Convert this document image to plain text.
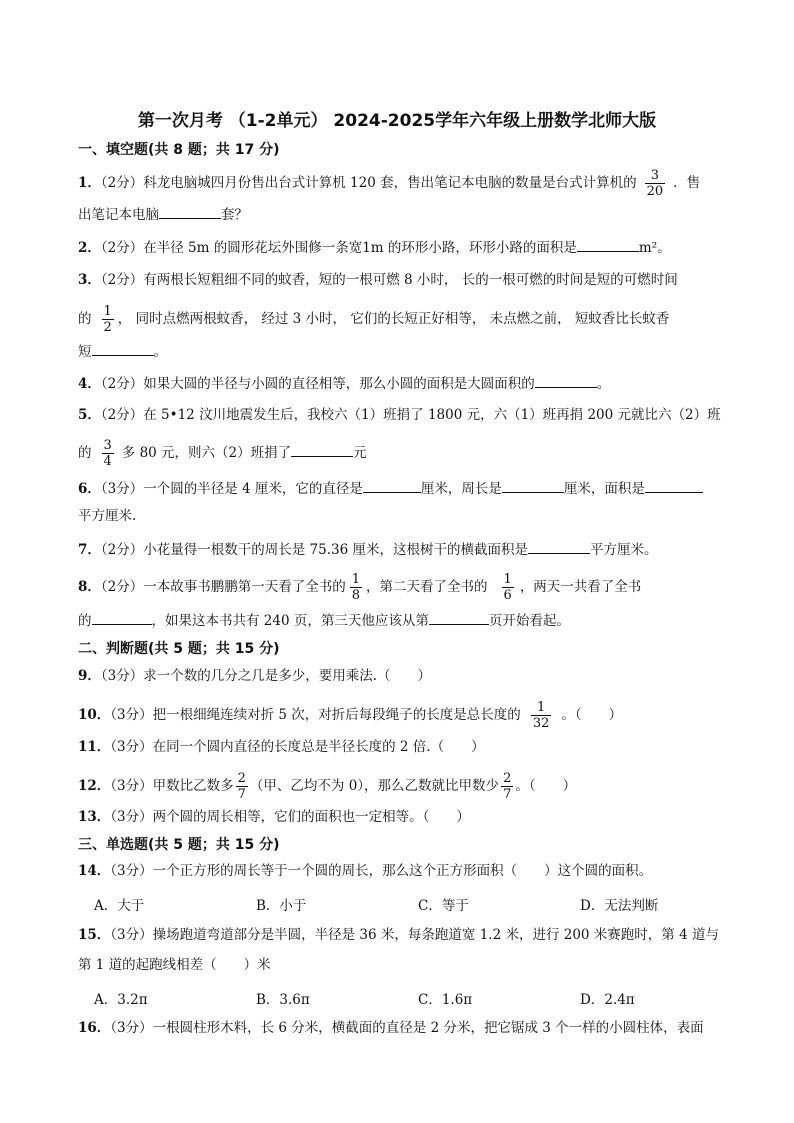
第一次月考 （1-2单元） 2024-2025学年六年级上册数学北师大版
一、填空题(共 8 题；共 17 分)
1．（2分）科龙电脑城四月份售出台式计算机 120 套，售出笔记本电脑的数量是台式计算机的 $\frac{3}{20}$ ．售
出笔记本电脑	套？
2．（2分）在半径 5m 的圆形花坛外围修一条宽1m 的环形小路，环形小路的面积是	m²。
3．（2分）有两根长短粗细不同的蚊香，短的一根可燃 8 小时， 长的一根可燃的时间是短的可燃时间
的 $\frac{1}{2}$ ， 同时点燃两根蚊香， 经过 3 小时， 它们的长短正好相等， 未点燃之前， 短蚊香比长蚊香
短	。
4．（2分）如果大圆的半径与小圆的直径相等，那么小圆的面积是大圆面积的	。
5．（2分）在 5•12 汶川地震发生后，我校六（1）班捐了 1800 元，六（1）班再捐 200 元就比六（2）班
的 $\frac{3}{4}$ 多 80 元，则六（2）班捐了	元
6．（3分）一个圆的半径是 4 厘米，它的直径是	厘米，周长是	厘米，面积是
平方厘米.
7．（2分）小花量得一根数干的周长是 75.36 厘米，这根树干的横截面积是	平方厘米。
8．（2分）一本故事书鹏鹏第一天看了全书的 $\frac{1}{8}$ ，第二天看了全书的 $\frac{1}{6}$ ，两天一共看了全书
的	，如果这本书共有 240 页，第三天他应该从第	页开始看起。
二、判断题(共 5 题；共 15 分)
9．（3分）求一个数的几分之几是多少，要用乘法.（　　）
10．（3分）把一根细绳连续对折 5 次，对折后每段绳子的长度是总长度的 $\frac{1}{32}$ 。（　　）
11．（3分）在同一个圆内直径的长度总是半径长度的 2 倍.（　　）
12．（3分）甲数比乙数多 $\frac{2}{7}$ （甲、乙均不为 0），那么乙数就比甲数少 $\frac{2}{7}$ 。（　　）
13．（3分）两个圆的周长相等，它们的面积也一定相等。（　　）
三、单选题(共 5 题；共 15 分)
14．（3分）一个正方形的周长等于一个圆的周长，那么这个正方形面积（　　）这个圆的面积。
A．大于	B．小于	C．等于	D．无法判断
15．（3分）操场跑道弯道部分是半圆，半径是 36 米，每条跑道宽 1.2 米，进行 200 米赛跑时，第 4 道与
第 1 道的起跑线相差（　　）米
A．3.2π	B．3.6π	C．1.6π	D．2.4π
16．（3分）一根圆柱形木料，长 6 分米，横截面的直径是 2 分米，把它锯成 3 个一样的小圆柱体，表面
